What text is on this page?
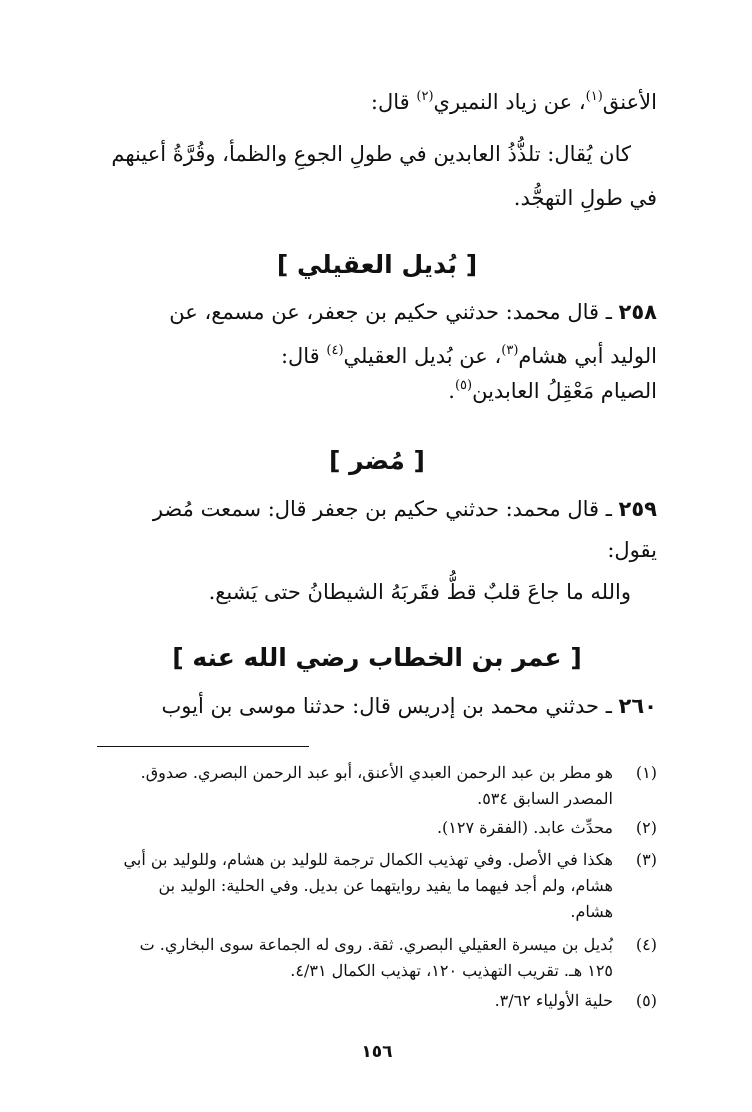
الأعنق$^{(١)}$، عن زياد النميري$^{(٢)}$ قال:
كان يُقال: تلذُّذُ العابدين في طولِ الجوعِ والظمأ، وقُرَّةُ أعينهم
في طولِ التهجُّد.
[ بُديل العقيلي ]
٢٥٨ ـ قال محمد: حدثني حكيم بن جعفر، عن مسمع، عن
الوليد أبي هشام$^{(٣)}$، عن بُديل العقيلي$^{(٤)}$ قال:
الصيام مَعْقِلُ العابدين$^{(٥)}$.
[ مُضر ]
٢٥٩ ـ قال محمد: حدثني حكيم بن جعفر قال: سمعت مُضر
يقول:
والله ما جاعَ قلبٌ قطُّ فقَربَهُ الشيطانُ حتى يَشبع.
[ عمر بن الخطاب رضي الله عنه ]
٢٦٠ ـ حدثني محمد بن إدريس قال: حدثنا موسى بن أيوب
(١)
هو مطر بن عبد الرحمن العبدي الأعنق، أبو عبد الرحمن البصري. صدوق.
المصدر السابق ٥٣٤.
(٢)
محدِّث عابد. (الفقرة ١٢٧).
(٣)
هكذا في الأصل. وفي تهذيب الكمال ترجمة للوليد بن هشام، وللوليد بن أبي
هشام، ولم أجد فيهما ما يفيد روايتهما عن بديل. وفي الحلية: الوليد بن
هشام.
(٤)
بُديل بن ميسرة العقيلي البصري. ثقة. روى له الجماعة سوى البخاري. ت
١٢٥ هـ. تقريب التهذيب ١٢٠، تهذيب الكمال ٤/٣١.
(٥)
حلية الأولياء ٣/٦٢.
١٥٦
